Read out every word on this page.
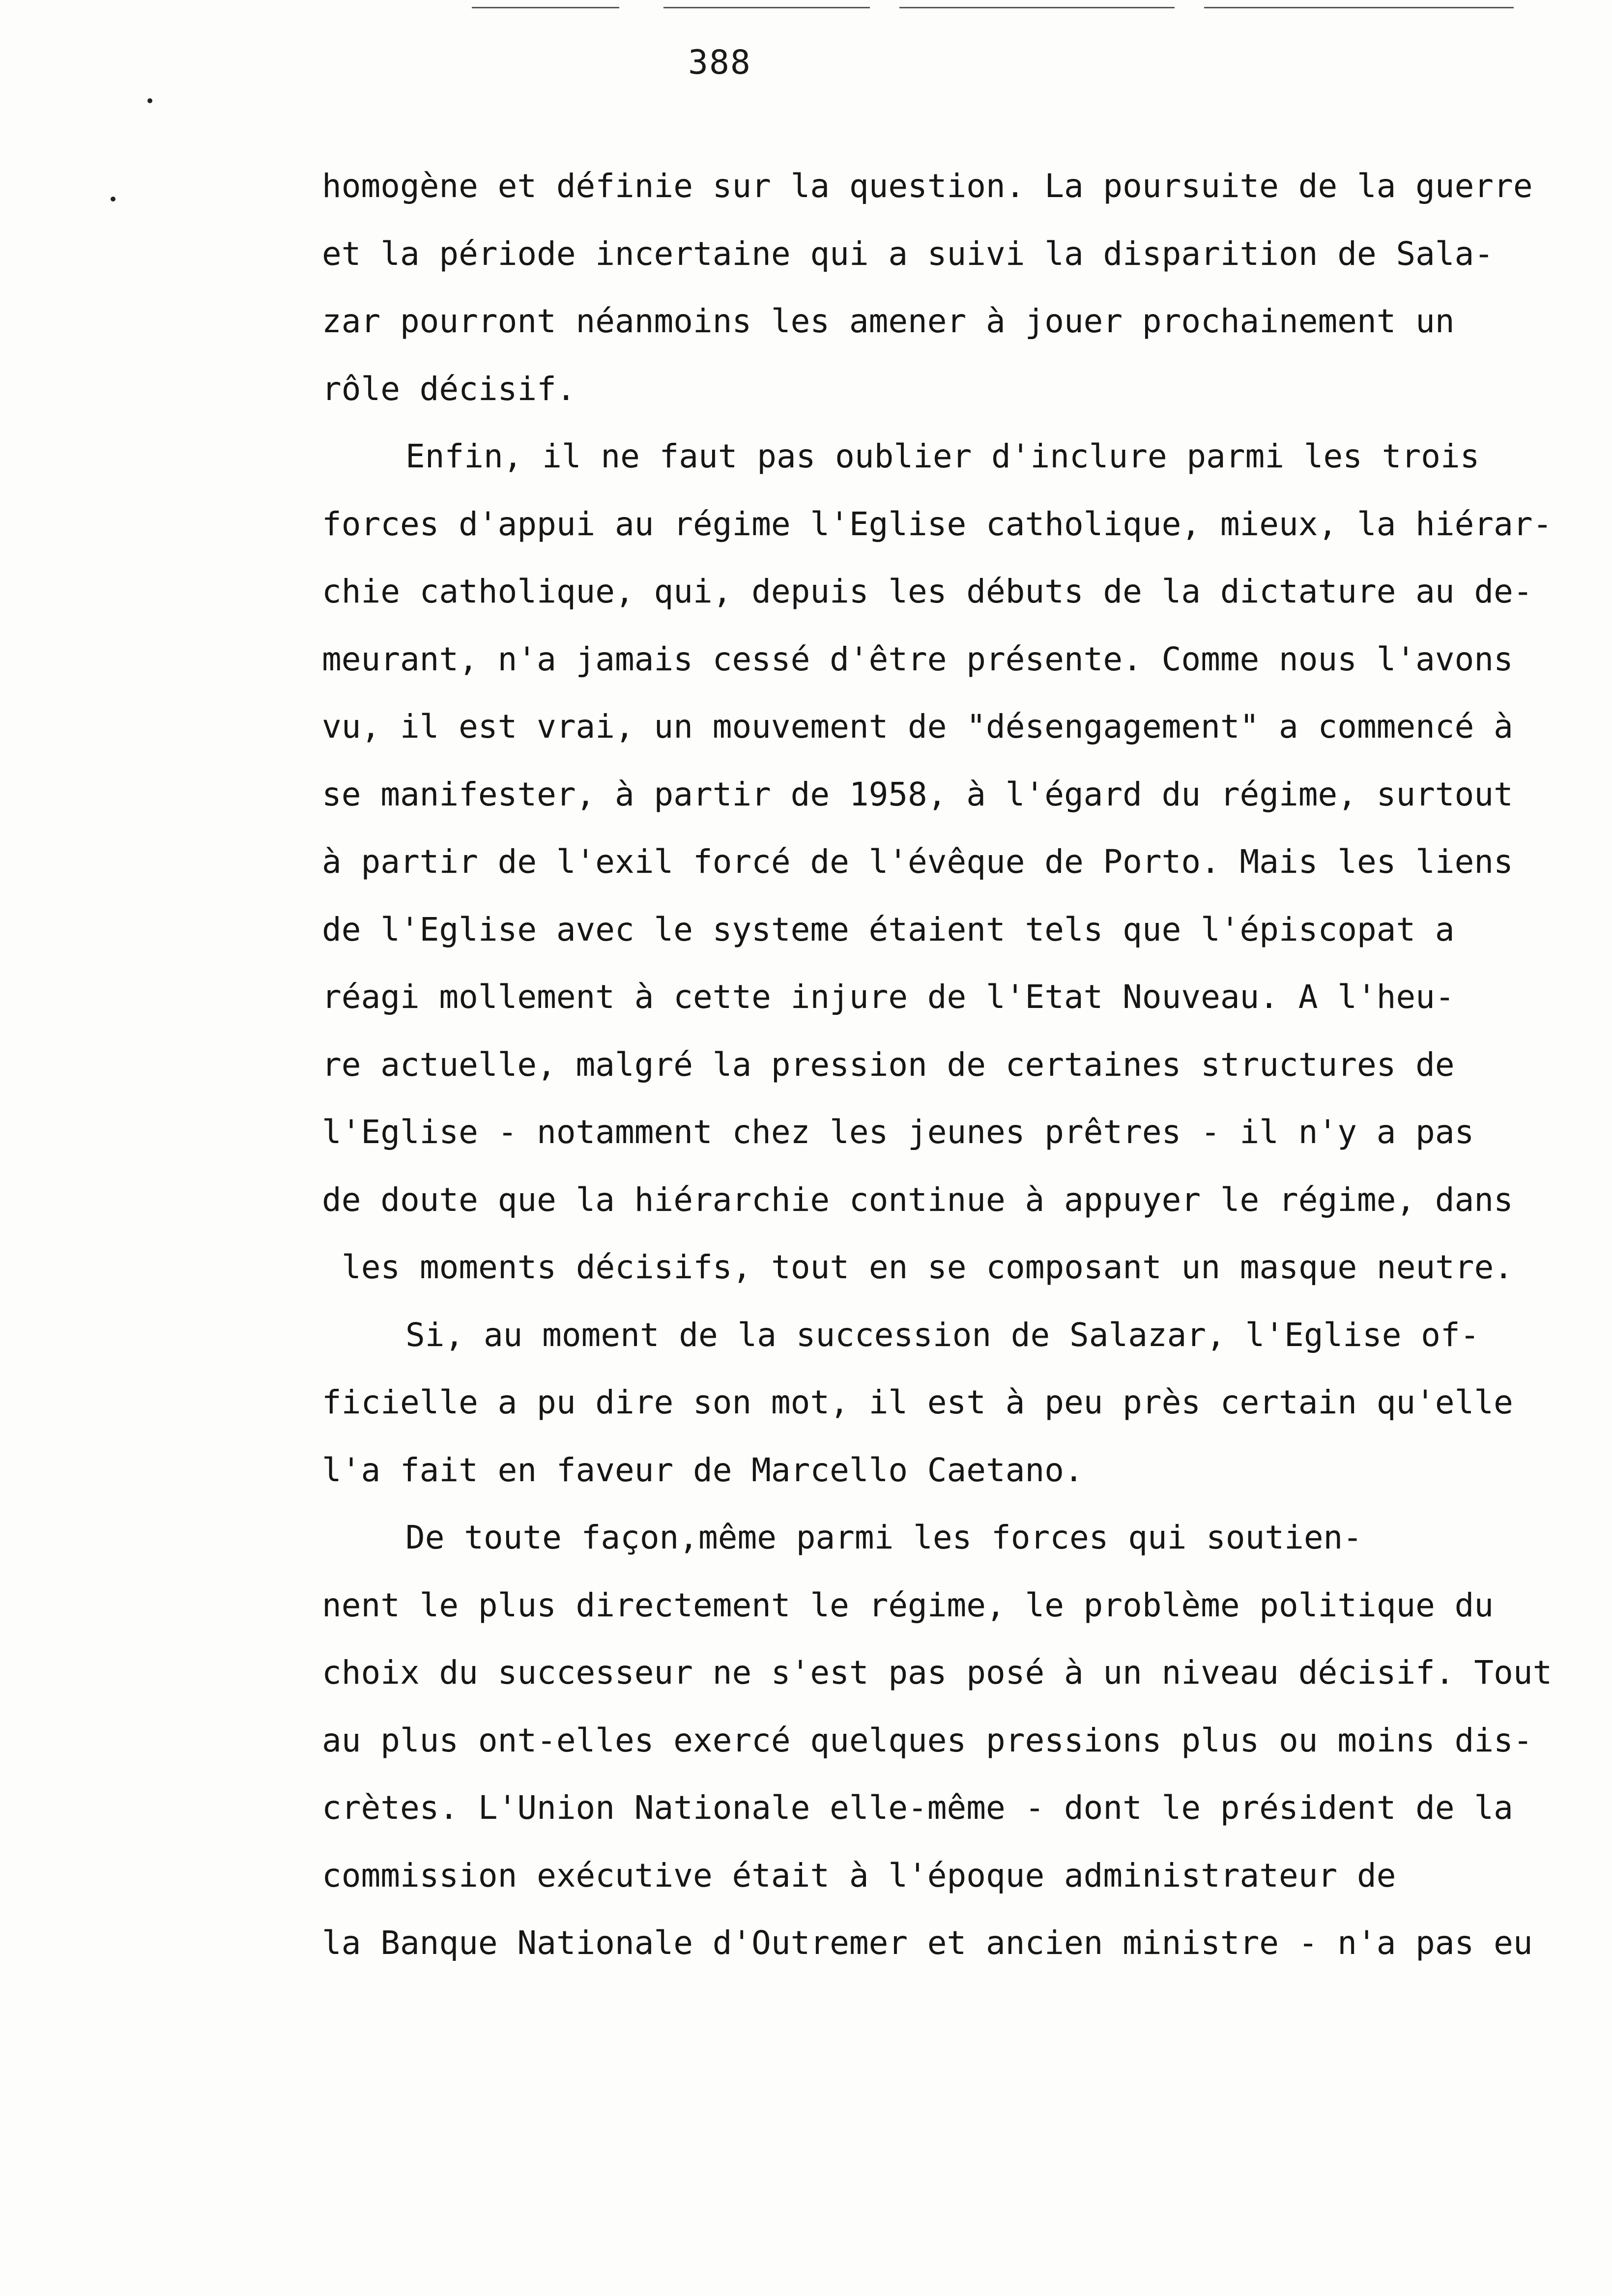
388
homogène et définie sur la question. La poursuite de la guerre
et la période incertaine qui a suivi la disparition de Sala-
zar pourront néanmoins les amener à jouer prochainement un
rôle décisif.
Enfin, il ne faut pas oublier d'inclure parmi les trois
forces d'appui au régime l'Eglise catholique, mieux, la hiérar-
chie catholique, qui, depuis les débuts de la dictature au de-
meurant, n'a jamais cessé d'être présente. Comme nous l'avons
vu, il est vrai, un mouvement de "désengagement" a commencé à
se manifester, à partir de 1958, à l'égard du régime, surtout
à partir de l'exil forcé de l'évêque de Porto. Mais les liens
de l'Eglise avec le systeme étaient tels que l'épiscopat a
réagi mollement à cette injure de l'Etat Nouveau. A l'heu-
re actuelle, malgré la pression de certaines structures de
l'Eglise - notamment chez les jeunes prêtres - il n'y a pas
de doute que la hiérarchie continue à appuyer le régime, dans
les moments décisifs, tout en se composant un masque neutre.
Si, au moment de la succession de Salazar, l'Eglise of-
ficielle a pu dire son mot, il est à peu près certain qu'elle
l'a fait en faveur de Marcello Caetano.
De toute façon,même parmi les forces qui soutien-
nent le plus directement le régime, le problème politique du
choix du successeur ne s'est pas posé à un niveau décisif. Tout
au plus ont-elles exercé quelques pressions plus ou moins dis-
crètes. L'Union Nationale elle-même - dont le président de la
commission exécutive était à l'époque administrateur de
la Banque Nationale d'Outremer et ancien ministre - n'a pas eu
